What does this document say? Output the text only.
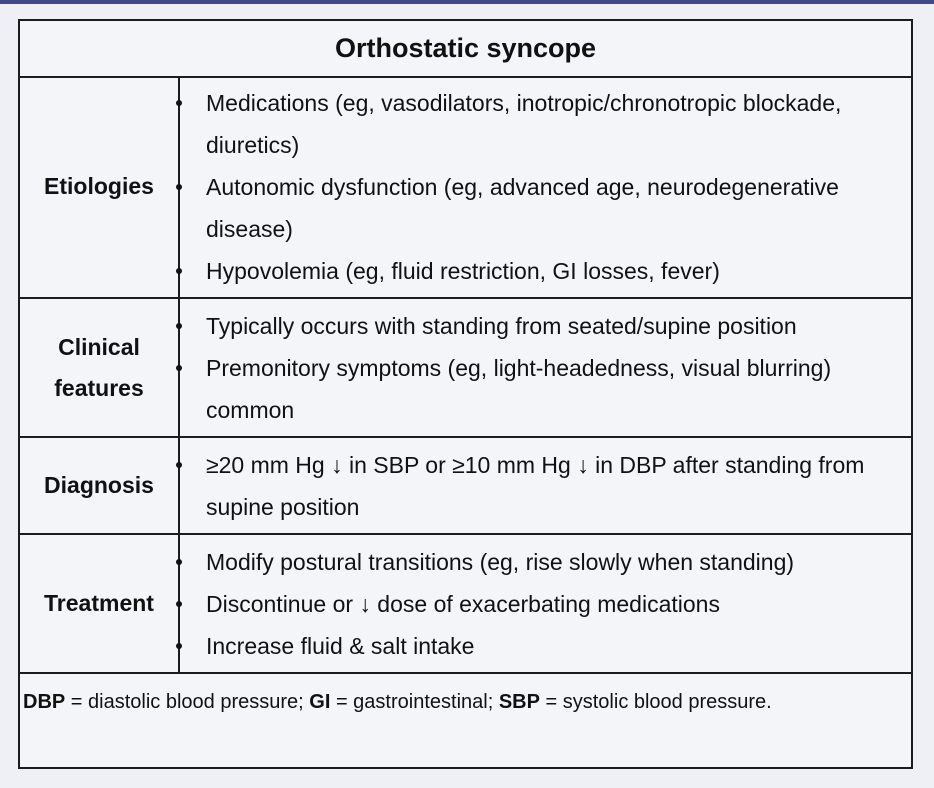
Orthostatic syncope
Etiologies
Medications (eg, vasodilators, inotropic/chronotropic blockade, diuretics)
Autonomic dysfunction (eg, advanced age, neurodegenerative disease)
Hypovolemia (eg, fluid restriction, GI losses, fever)
Clinical
features
Typically occurs with standing from seated/supine position
Premonitory symptoms (eg, light-headedness, visual blurring) common
Diagnosis
≥20 mm Hg ↓ in SBP or ≥10 mm Hg ↓ in DBP after standing from supine position
Treatment
Modify postural transitions (eg, rise slowly when standing)
Discontinue or ↓ dose of exacerbating medications
Increase fluid & salt intake
DBP = diastolic blood pressure; GI = gastrointestinal; SBP = systolic blood pressure.
